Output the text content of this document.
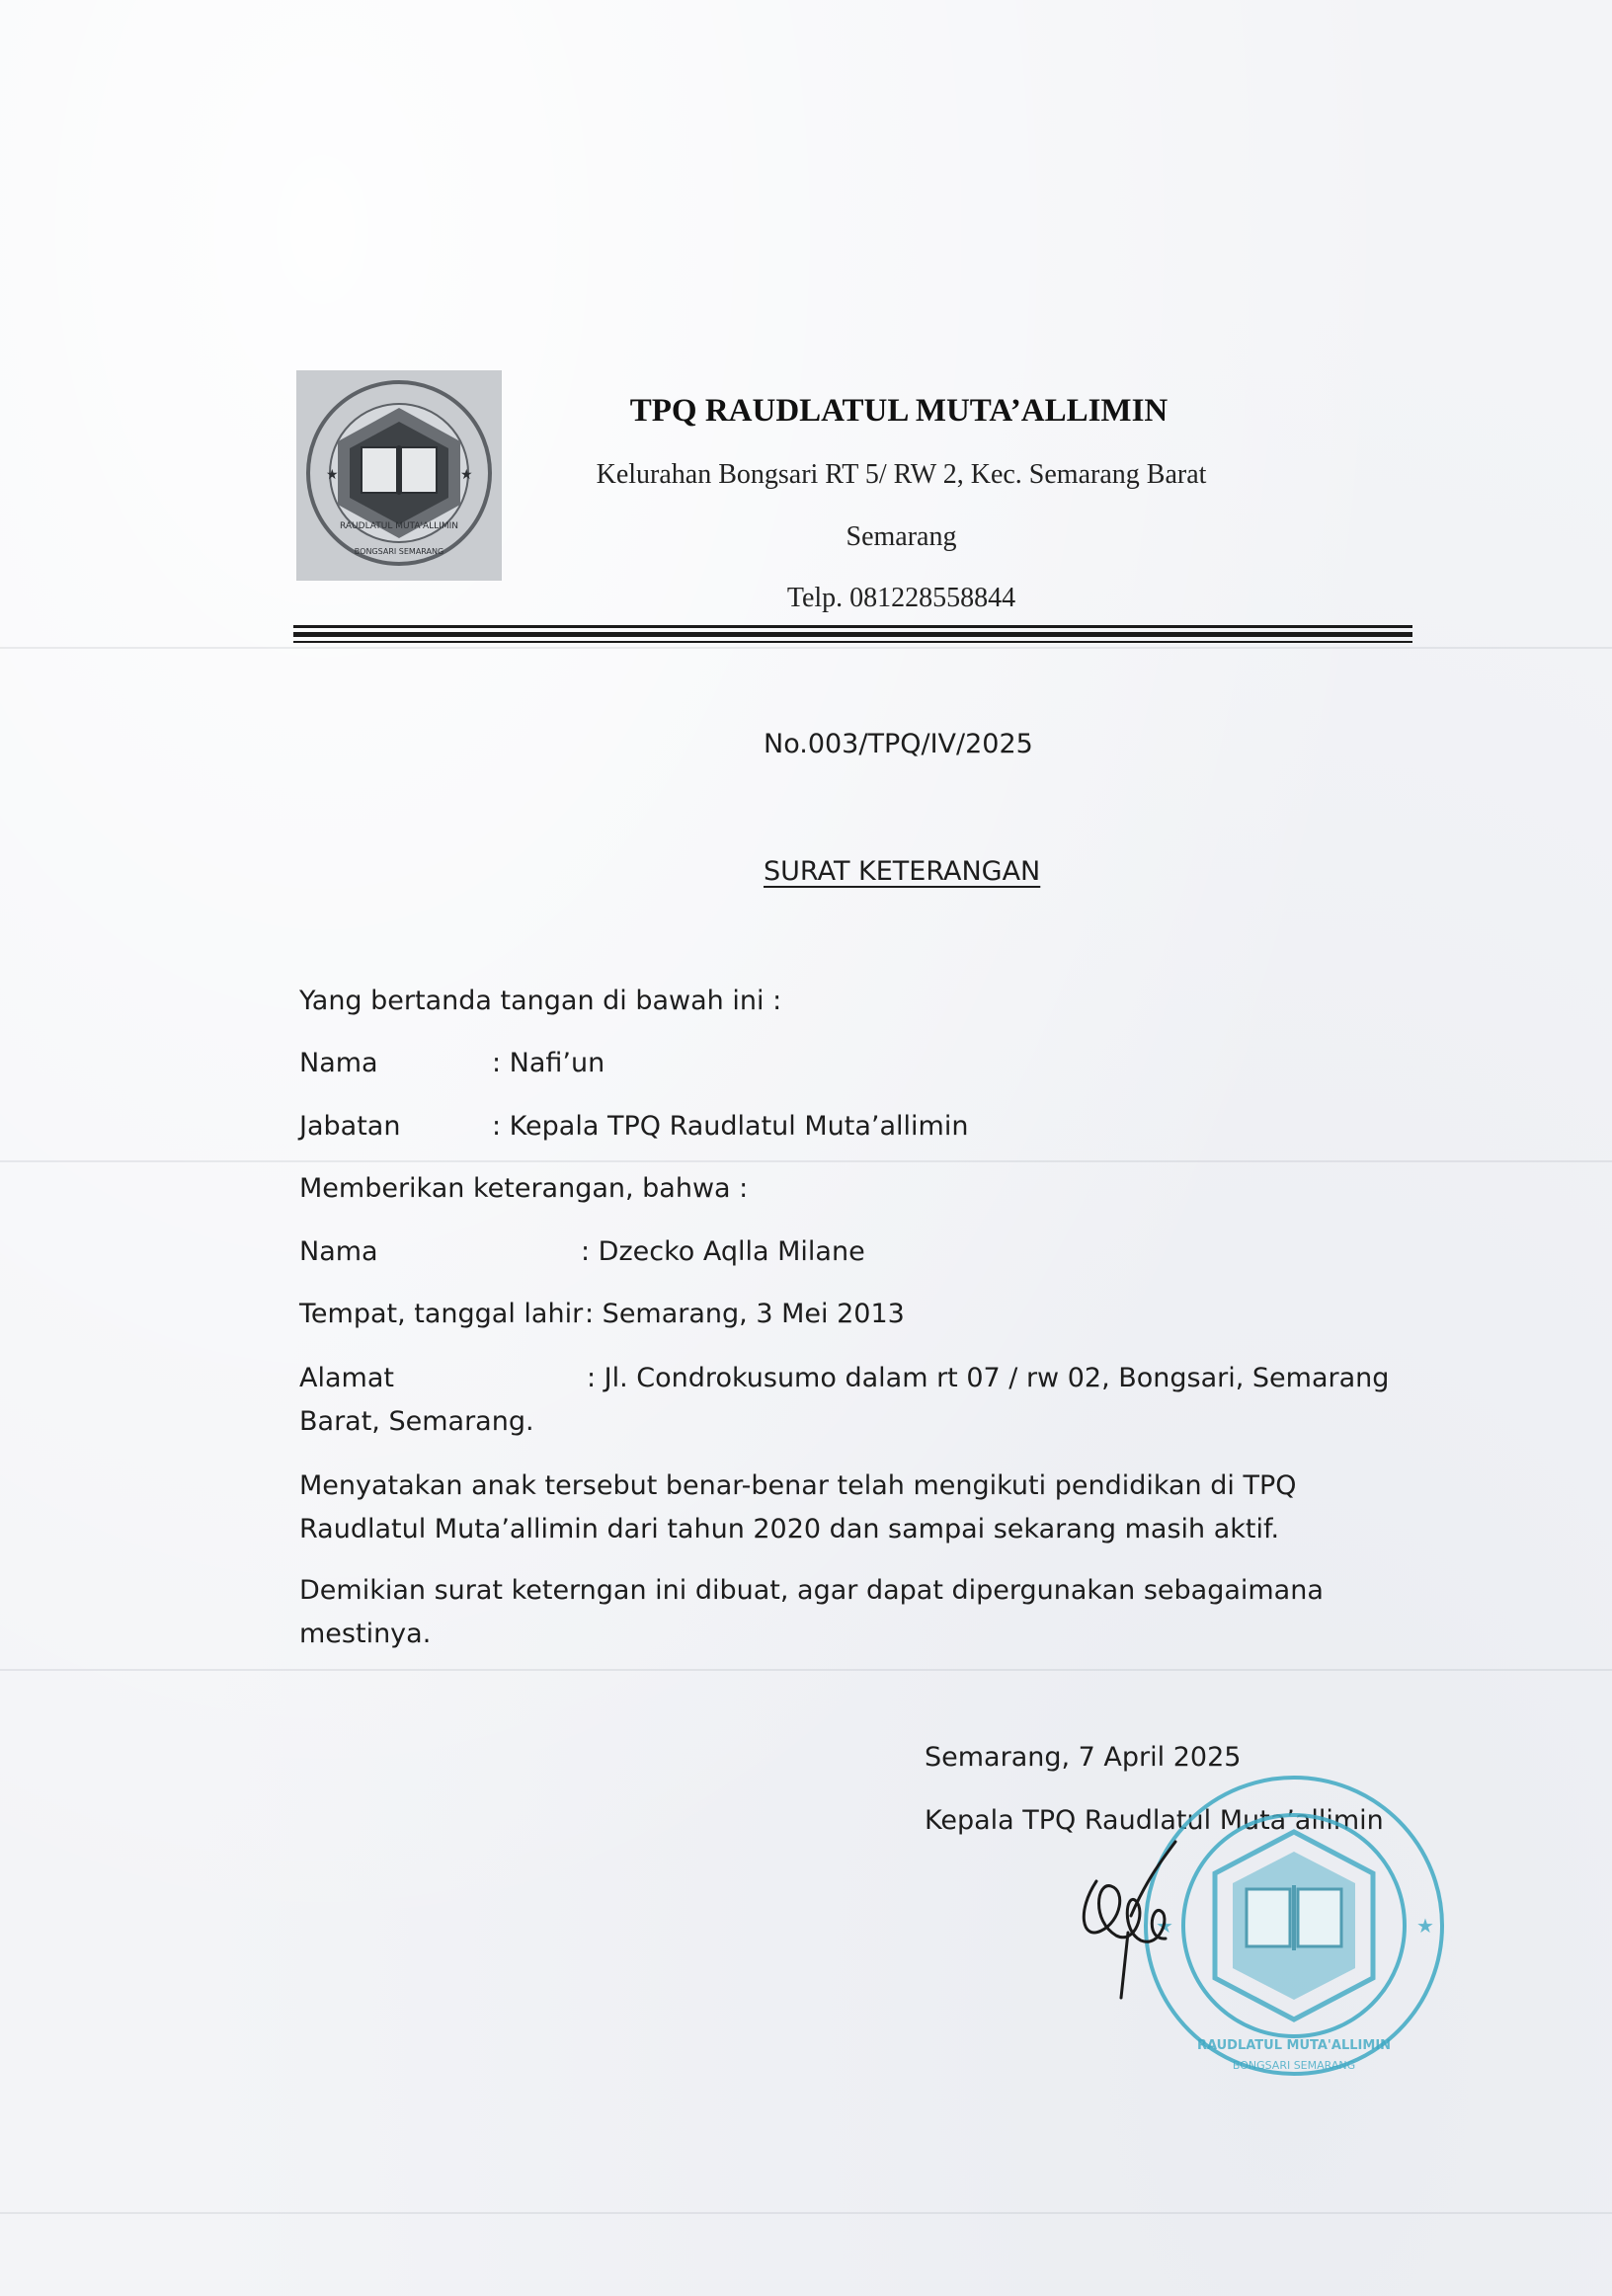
RAUDLATUL MUTA'ALLIMIN
BONGSARI SEMARANG
★	★
TPQ RAUDLATUL MUTA’ALLIMIN
Kelurahan Bongsari RT 5/ RW 2, Kec. Semarang Barat
Semarang
Telp. 081228558844
No.003/TPQ/IV/2025
SURAT KETERANGAN
Yang bertanda tangan di bawah ini :
Nama	: Nafi’un
Jabatan	: Kepala TPQ Raudlatul Muta’allimin
Memberikan keterangan, bahwa :
Nama	: Dzecko Aqlla Milane
Tempat, tanggal lahir : Semarang, 3 Mei 2013
Alamat	: Jl. Condrokusumo dalam rt 07 / rw 02, Bongsari, Semarang
Barat, Semarang.
Menyatakan anak tersebut benar-benar telah mengikuti pendidikan di TPQ
Raudlatul Muta’allimin dari tahun 2020 dan sampai sekarang masih aktif.
Demikian surat keterngan ini dibuat, agar dapat dipergunakan sebagaimana
mestinya.
Semarang, 7 April 2025
Kepala TPQ Raudlatul Muta’allimin
RAUDLATUL MUTA'ALLIMIN
BONGSARI SEMARANG
★	★
